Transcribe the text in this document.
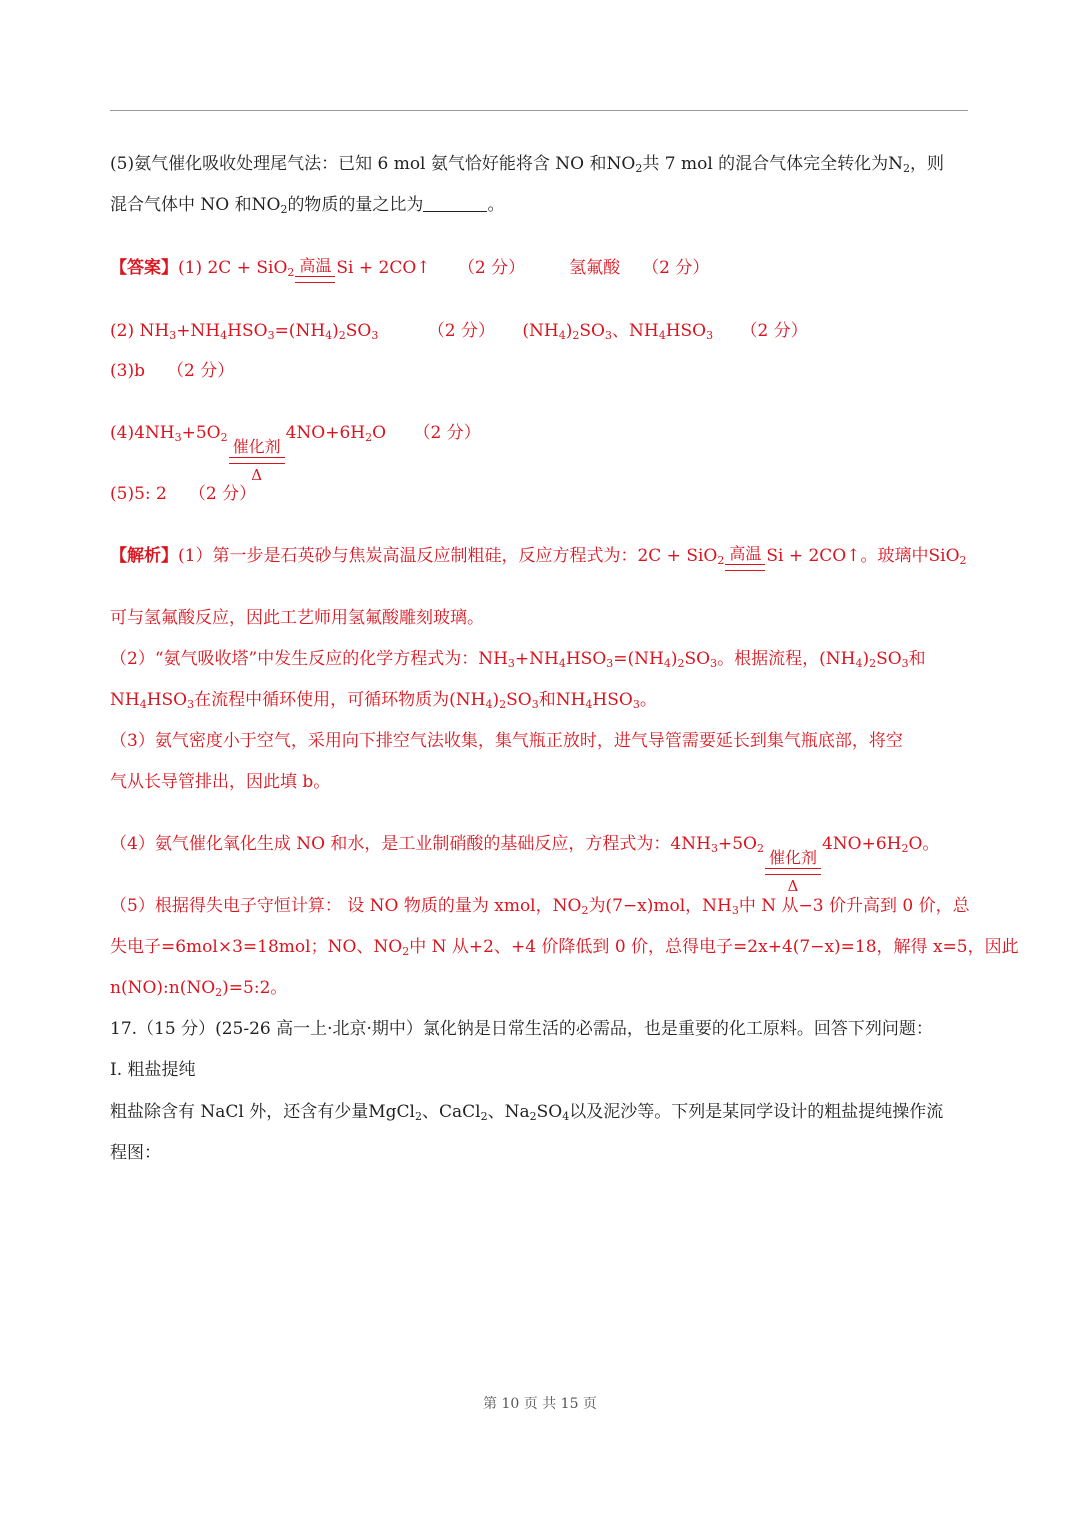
(5)氨气催化吸收处理尾气法：已知 6 mol 氨气恰好能将含 NO 和$NO_2$共 7 mol 的混合气体完全转化为$N_2$，则
混合气体中 NO 和$NO_2$的物质的量之比为	。
【答案】(1) 2C + SiO$_2$ 高温 Si + 2CO↑ （2 分）	氢氟酸 （2 分）
(2) $NH_3+NH_4HSO_3=(NH_4)_2SO_3$	（2 分） $(NH_4)_2SO_3$、$NH_4HSO_3$ （2 分）
(3)b （2 分）
$(4)4NH_3+5O_2$ 催化剂
Δ
$4NO+6H_2O$ （2 分）
(5)5: 2 （2 分）
【解析】(1）第一步是石英砂与焦炭高温反应制粗硅，反应方程式为：2C + SiO$_2$ 高温 Si + 2CO↑。玻璃中SiO$_2$
可与氢氟酸反应，因此工艺师用氢氟酸雕刻玻璃。
（2）“氨气吸收塔”中发生反应的化学方程式为：$NH_3+NH_4HSO_3=(NH_4)_2SO_3$。根据流程，$(NH_4)_2SO_3$和
$NH_4HSO_3$在流程中循环使用，可循环物质为$(NH_4)_2SO_3$和$NH_4HSO_3$。
（3）氨气密度小于空气，采用向下排空气法收集，集气瓶正放时，进气导管需要延长到集气瓶底部，将空
气从长导管排出，因此填 b。
（4）氨气催化氧化生成 NO 和水，是工业制硝酸的基础反应，方程式为：$4NH_3+5O_2$ 催化剂
Δ
$4NO+6H_2O$。
（5）根据得失电子守恒计算： 设 NO 物质的量为 xmol，$NO_2$为(7−x)mol，$NH_3$中 N 从−3 价升高到 0 价，总
失电子=6mol×3=18mol；NO、$NO_2$中 N 从+2、+4 价降低到 0 价，总得电子=2x+4(7−x)=18，解得 x=5，因此
$n(NO):n(NO_2)=5:2$。
17.（15 分）(25-26 高一上·北京·期中）氯化钠是日常生活的必需品，也是重要的化工原料。回答下列问题：
I. 粗盐提纯
粗盐除含有 NaCl 外，还含有少量MgCl$_2$、CaCl$_2$、$Na_2SO_4$以及泥沙等。下列是某同学设计的粗盐提纯操作流
程图：
第 10 页 共 15 页
